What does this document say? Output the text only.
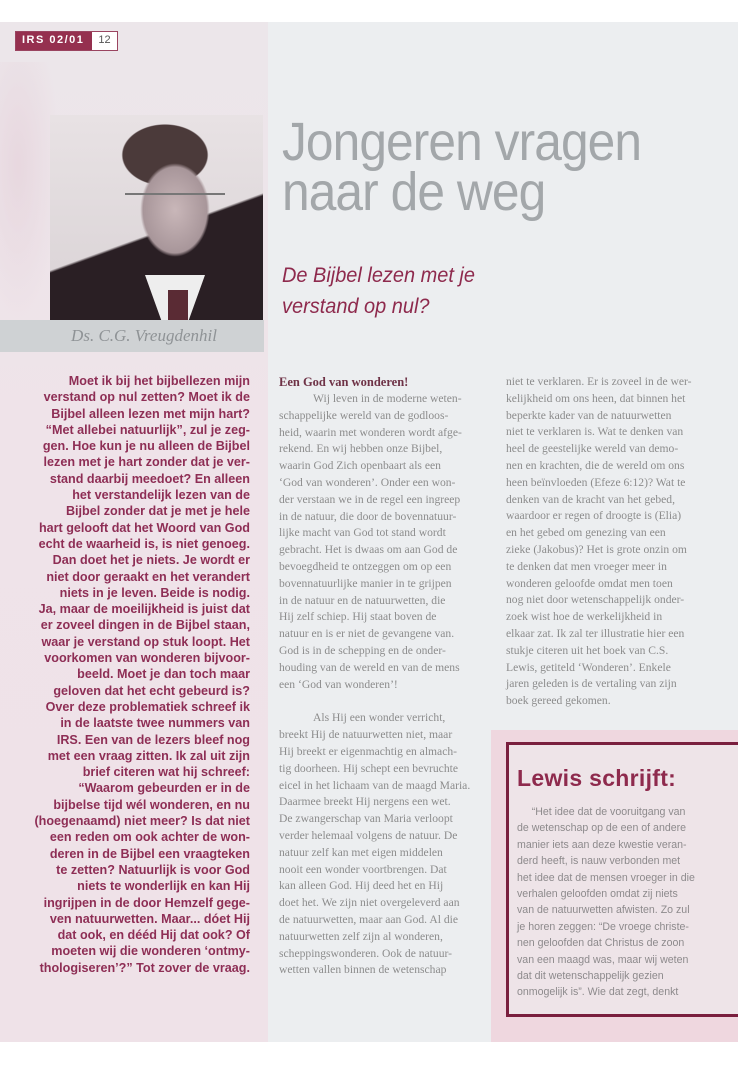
IRS 02/01	12
Ds. C.G. Vreugdenhil
Jongeren vragen
naar de weg
De Bijbel lezen met je
verstand op nul?
Moet ik bij het bijbellezen mijn
verstand op nul zetten? Moet ik de
Bijbel alleen lezen met mijn hart?
“Met allebei natuurlijk”, zul je zeg-
gen. Hoe kun je nu alleen de Bijbel
lezen met je hart zonder dat je ver-
stand daarbij meedoet? En alleen
het verstandelijk lezen van de
Bijbel zonder dat je met je hele
hart gelooft dat het Woord van God
echt de waarheid is, is niet genoeg.
Dan doet het je niets. Je wordt er
niet door geraakt en het verandert
niets in je leven. Beide is nodig.
Ja, maar de moeilijkheid is juist dat
er zoveel dingen in de Bijbel staan,
waar je verstand op stuk loopt. Het
voorkomen van wonderen bijvoor-
beeld. Moet je dan toch maar
geloven dat het echt gebeurd is?
Over deze problematiek schreef ik
in de laatste twee nummers van
IRS. Een van de lezers bleef nog
met een vraag zitten. Ik zal uit zijn
brief citeren wat hij schreef:
“Waarom gebeurden er in de
bijbelse tijd wél wonderen, en nu
(hoegenaamd) niet meer? Is dat niet
een reden om ook achter de won-
deren in de Bijbel een vraagteken
te zetten? Natuurlijk is voor God
niets te wonderlijk en kan Hij
ingrijpen in de door Hemzelf gege-
ven natuurwetten. Maar... dóet Hij
dat ook, en dééd Hij dat ook? Of
moeten wij die wonderen ‘ontmy-
thologiseren’?” Tot zover de vraag.
Een God van wonderen!
Wij leven in de moderne weten-
schappelijke wereld van de godloos-
heid, waarin met wonderen wordt afge-
rekend. En wij hebben onze Bijbel,
waarin God Zich openbaart als een
‘God van wonderen’. Onder een won-
der verstaan we in de regel een ingreep
in de natuur, die door de bovennatuur-
lijke macht van God tot stand wordt
gebracht. Het is dwaas om aan God de
bevoegdheid te ontzeggen om op een
bovennatuurlijke manier in te grijpen
in de natuur en de natuurwetten, die
Hij zelf schiep. Hij staat boven de
natuur en is er niet de gevangene van.
God is in de schepping en de onder-
houding van de wereld en van de mens
een ‘God van wonderen’!
Als Hij een wonder verricht,
breekt Hij de natuurwetten niet, maar
Hij breekt er eigenmachtig en almach-
tig doorheen. Hij schept een bevruchte
eicel in het lichaam van de maagd Maria.
Daarmee breekt Hij nergens een wet.
De zwangerschap van Maria verloopt
verder helemaal volgens de natuur. De
natuur zelf kan met eigen middelen
nooit een wonder voortbrengen. Dat
kan alleen God. Hij deed het en Hij
doet het. We zijn niet overgeleverd aan
de natuurwetten, maar aan God. Al die
natuurwetten zelf zijn al wonderen,
scheppingswonderen. Ook de natuur-
wetten vallen binnen de wetenschap
niet te verklaren. Er is zoveel in de wer-
kelijkheid om ons heen, dat binnen het
beperkte kader van de natuurwetten
niet te verklaren is. Wat te denken van
heel de geestelijke wereld van demo-
nen en krachten, die de wereld om ons
heen beïnvloeden (Efeze 6:12)? Wat te
denken van de kracht van het gebed,
waardoor er regen of droogte is (Elia)
en het gebed om genezing van een
zieke (Jakobus)? Het is grote onzin om
te denken dat men vroeger meer in
wonderen geloofde omdat men toen
nog niet door wetenschappelijk onder-
zoek wist hoe de werkelijkheid in
elkaar zat. Ik zal ter illustratie hier een
stukje citeren uit het boek van C.S.
Lewis, getiteld ‘Wonderen’. Enkele
jaren geleden is de vertaling van zijn
boek gereed gekomen.
Lewis schrijft:
“Het idee dat de vooruitgang van
de wetenschap op de een of andere
manier iets aan deze kwestie veran-
derd heeft, is nauw verbonden met
het idee dat de mensen vroeger in die
verhalen geloofden omdat zij niets
van de natuurwetten afwisten. Zo zul
je horen zeggen: “De vroege christe-
nen geloofden dat Christus de zoon
van een maagd was, maar wij weten
dat dit wetenschappelijk gezien
onmogelijk is”. Wie dat zegt, denkt
